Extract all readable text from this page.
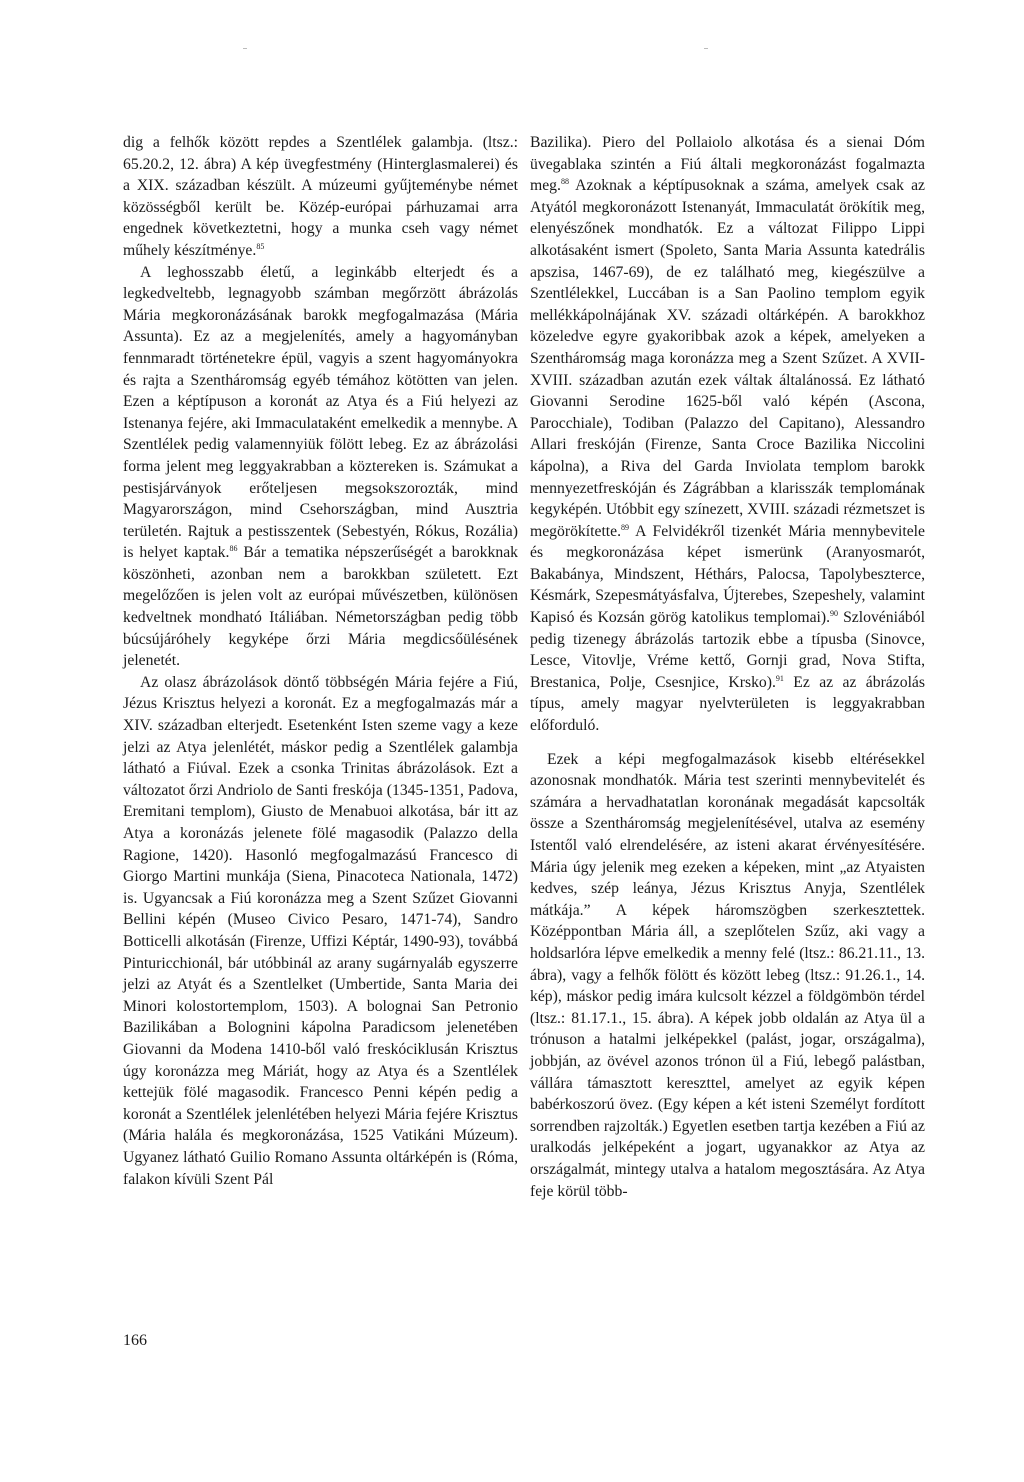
dig a felhők között repdes a Szentlélek galambja. (ltsz.: 65.20.2, 12. ábra) A kép üvegfestmény (Hinterglasmalerei) és a XIX. században készült. A múzeumi gyűjteménybe német közösségből került be. Közép-európai párhuzamai arra engednek következtetni, hogy a munka cseh vagy német műhely készítménye.$^{85}$

A leghosszabb életű, a leginkább elterjedt és a legkedveltebb, legnagyobb számban megőrzött ábrázolás Mária megkoronázásának barokk megfogalmazása (Mária Assunta). Ez az a megjelenítés, amely a hagyományban fennmaradt történetekre épül, vagyis a szent hagyományokra és rajta a Szentháromság egyéb témához kötötten van jelen. Ezen a képtípuson a koronát az Atya és a Fiú helyezi az Istenanya fejére, aki Immaculataként emelkedik a mennybe. A Szentlélek pedig valamennyiük fölött lebeg. Ez az ábrázolási forma jelent meg leggyakrabban a köztereken is. Számukat a pestisjárványok erőteljesen megsokszorozták, mind Magyarországon, mind Csehországban, mind Ausztria területén. Rajtuk a pestisszentek (Sebestyén, Rókus, Rozália) is helyet kaptak.$^{86}$ Bár a tematika népszerűségét a barokknak köszönheti, azonban nem a barokkban született. Ezt megelőzően is jelen volt az európai művészetben, különösen kedveltnek mondható Itáliában. Németországban pedig több búcsújáróhely kegyképe őrzi Mária megdicsőülésének jelenetét.

Az olasz ábrázolások döntő többségén Mária fejére a Fiú, Jézus Krisztus helyezi a koronát. Ez a megfogalmazás már a XIV. században elterjedt. Esetenként Isten szeme vagy a keze jelzi az Atya jelenlétét, máskor pedig a Szentlélek galambja látható a Fiúval. Ezek a csonka Trinitas ábrázolások. Ezt a változatot őrzi Andriolo de Santi freskója (1345-1351, Padova, Eremitani templom), Giusto de Menabuoi alkotása, bár itt az Atya a koronázás jelenete fölé magasodik (Palazzo della Ragione, 1420). Hasonló megfogalmazású Francesco di Giorgo Martini munkája (Siena, Pinacoteca Nationala, 1472) is. Ugyancsak a Fiú koronázza meg a Szent Szűzet Giovanni Bellini képén (Museo Civico Pesaro, 1471-74), Sandro Botticelli alkotásán (Firenze, Uffizi Képtár, 1490-93), továbbá Pinturicchionál, bár utóbbinál az arany sugárnyaláb egyszerre jelzi az Atyát és a Szentlelket (Umbertide, Santa Maria dei Minori kolostortemplom, 1503). A bolognai San Petronio Bazilikában a Bolognini kápolna Paradicsom jelenetében Giovanni da Modena 1410-ből való freskóciklusán Krisztus úgy koronázza meg Máriát, hogy az Atya és a Szentlélek kettejük fölé magasodik. Francesco Penni képén pedig a koronát a Szentlélek jelenlétében helyezi Mária fejére Krisztus (Mária halála és megkoronázása, 1525 Vatikáni Múzeum). Ugyanez látható Guilio Romano Assunta oltárképén is (Róma, falakon kívüli Szent Pál

Bazilika). Piero del Pollaiolo alkotása és a sienai Dóm üvegablaka szintén a Fiú általi megkoronázást fogalmazta meg.$^{88}$ Azoknak a képtípusoknak a száma, amelyek csak az Atyától megkoronázott Istenanyát, Immaculatát örökítik meg, elenyészőnek mondhatók. Ez a változat Filippo Lippi alkotásaként ismert (Spoleto, Santa Maria Assunta katedrális apszisa, 1467-69), de ez található meg, kiegészülve a Szentlélekkel, Luccában is a San Paolino templom egyik mellékkápolnájának XV. századi oltárképén. A barokkhoz közeledve egyre gyakoribbak azok a képek, amelyeken a Szentháromság maga koronázza meg a Szent Szűzet. A XVII-XVIII. században azután ezek váltak általánossá. Ez látható Giovanni Serodine 1625-ből való képén (Ascona, Parocchiale), Todiban (Palazzo del Capitano), Alessandro Allari freskóján (Firenze, Santa Croce Bazilika Niccolini kápolna), a Riva del Garda Inviolata templom barokk mennyezetfreskóján és Zágrábban a klarisszák templomának kegyképén. Utóbbit egy színezett, XVIII. századi rézmetszet is megörökítette.$^{89}$ A Felvidékről tizenkét Mária mennybevitele és megkoronázása képet ismerünk (Aranyosmarót, Bakabánya, Mindszent, Héthárs, Palocsa, Tapolybeszterce, Késmárk, Szepesmátyásfalva, Újterebes, Szepeshely, valamint Kapisó és Kozsán görög katolikus templomai).$^{90}$ Szlovéniából pedig tizenegy ábrázolás tartozik ebbe a típusba (Sinovce, Lesce, Vitovlje, Vréme kettő, Gornji grad, Nova Stifta, Brestanica, Polje, Csesnjice, Krsko).$^{91}$ Ez az az ábrázolás típus, amely magyar nyelvterületen is leggyakrabban előforduló.

Ezek a képi megfogalmazások kisebb eltérésekkel azonosnak mondhatók. Mária test szerinti mennybevitelét és számára a hervadhatatlan koronának megadását kapcsolták össze a Szentháromság megjelenítésével, utalva az esemény Istentől való elrendelésére, az isteni akarat érvényesítésére. Mária úgy jelenik meg ezeken a képeken, mint „az Atyaisten kedves, szép leánya, Jézus Krisztus Anyja, Szentlélek mátkája.” A képek háromszögben szerkesztettek. Középpontban Mária áll, a szeplőtelen Szűz, aki vagy a holdsarlóra lépve emelkedik a menny felé (ltsz.: 86.21.11., 13. ábra), vagy a felhők fölött és között lebeg (ltsz.: 91.26.1., 14. kép), máskor pedig imára kulcsolt kézzel a földgömbön térdel (ltsz.: 81.17.1., 15. ábra). A képek jobb oldalán az Atya ül a trónuson a hatalmi jelképekkel (palást, jogar, országalma), jobbján, az övével azonos trónon ül a Fiú, lebegő palástban, vállára támasztott kereszttel, amelyet az egyik képen babérkoszorú övez. (Egy képen a két isteni Személyt fordított sorrendben rajzolták.) Egyetlen esetben tartja kezében a Fiú az uralkodás jelképeként a jogart, ugyanakkor az Atya az országalmát, mintegy utalva a hatalom megosztására. Az Atya feje körül több-

166
